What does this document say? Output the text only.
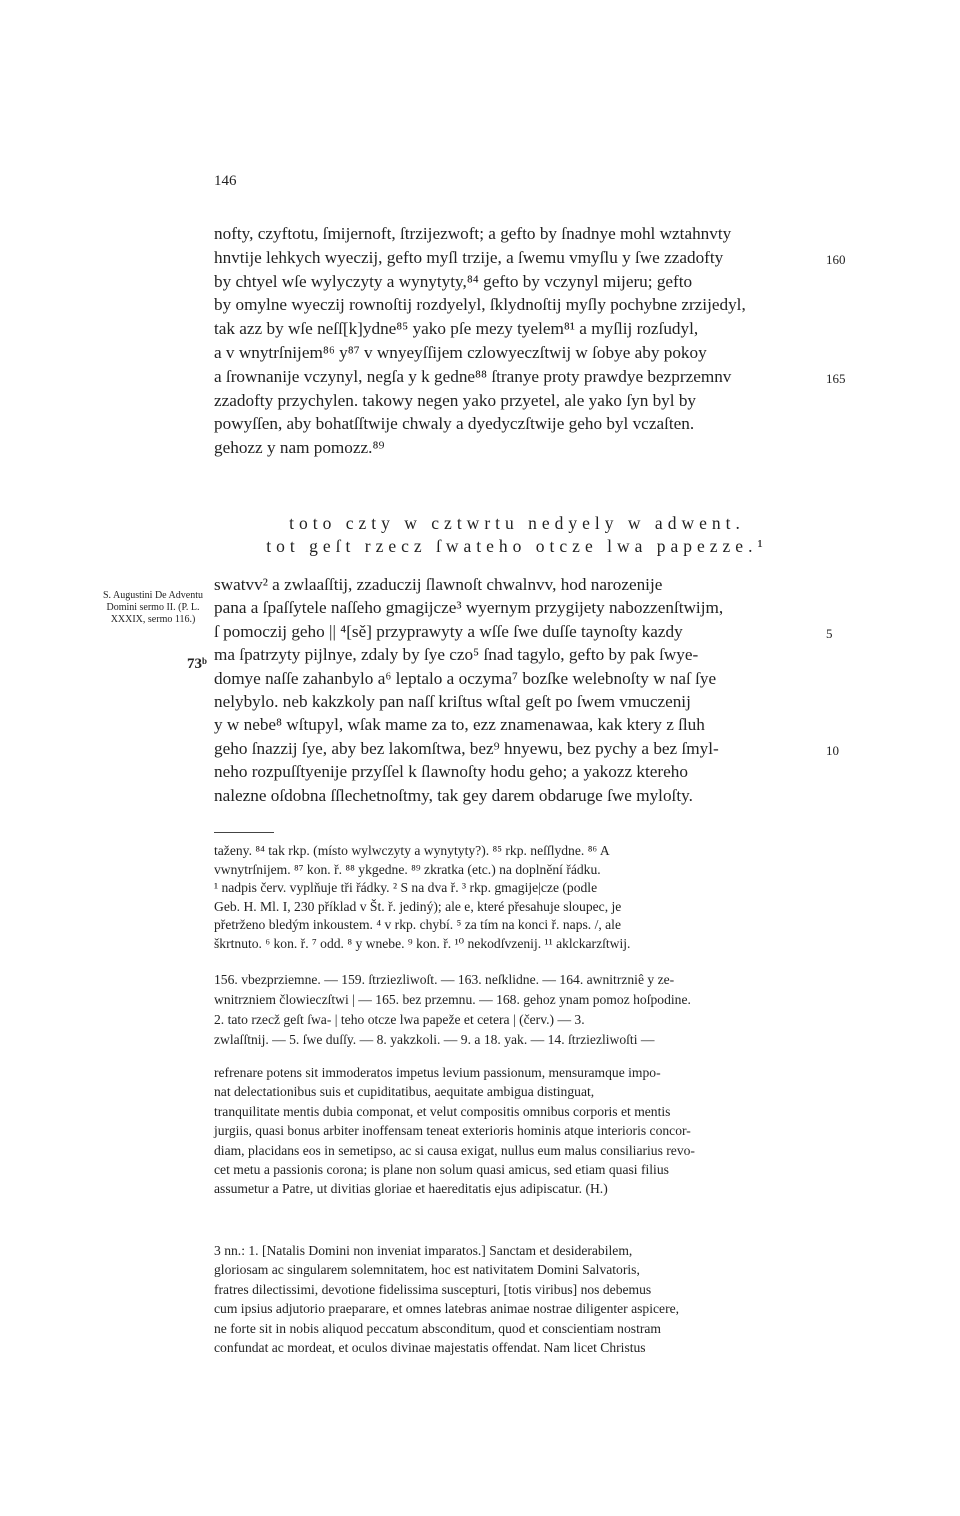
146
nofty, czyftotu, ſmijernoft, ſtrzijezwoft; a gefto by ſnadnye mohl wztahnvty
hnvtije lehkych wyeczij, gefto myſl trzije, a ſwemu vmyſlu y ſwe zzadofty	160
by chtyel wſe wylyczyty a wynytyty,⁸⁴ gefto by vczynyl mijeru; gefto
by omylne wyeczij rownoſtij rozdyelyl, ſklydnoſtij myſly pochybne zrzijedyl,
tak azz by wſe neſſ[k]ydne⁸⁵ yako pſe mezy tyelem⁸¹ a myſlij rozſudyl,
a v wnytrſnijem⁸⁶ y⁸⁷ v wnyeyſſijem czlowyeczſtwij w ſobye aby pokoy
a ſrownanije vczynyl, negſa y k gedne⁸⁸ ſtranye proty prawdye bezprzemnv	165
zzadofty przychylen. takowy negen yako przyetel, ale yako ſyn byl by
powyſſen, aby bohatſſtwije chwaly a dyedyczſtwije geho byl vczaſten.
gehozz y nam pomozz.⁸⁹
toto czty w cztwrtu nedyely w adwent.
tot geſt rzecz ſwateho otcze lwa papezze.¹
S. Augustini De Adventu Domini sermo II. (P. L. XXXIX, sermo 116.)
73ᵇ
swatvv² a zwlaaſſtij, zzaduczij ſlawnoſt chwalnvv, hod narozenije
pana a ſpaſſytele naſſeho gmagijcze³ wyernym przygijety nabozzenſtwijm,
ſ pomoczij geho || ⁴[sě] przyprawyty a wſſe ſwe duſſe taynoſty kazdy	5
ma ſpatrzyty pijlnye, zdaly by ſye czo⁵ ſnad tagylo, gefto by pak ſwye-
domye naſſe zahanbylo a⁶ leptalo a oczyma⁷ bozſke welebnoſty w naſ ſye
nelybylo. neb kakzkoly pan naſſ kriſtus wſtal geſt po ſwem vmuczenij
y w nebe⁸ wſtupyl, wſak mame za to, ezz znamenawaa, kak ktery z ſluh
geho ſnazzij ſye, aby bez lakomſtwa, bez⁹ hnyewu, bez pychy a bez ſmyl-	10
neho rozpuſſtyenije przyſſel k ſlawnoſty hodu geho; a yakozz ktereho
nalezne oſdobna ſſlechetnoſtmy, tak gey darem obdaruge ſwe myloſty.
taženy. ⁸⁴ tak rkp. (místo wylwczyty a wynytyty?). ⁸⁵ rkp. neſſlydne. ⁸⁶ A
vwnytrſnijem. ⁸⁷ kon. ř. ⁸⁸ ykgedne. ⁸⁹ zkratka (etc.) na doplnění řádku.
¹ nadpis červ. vyplňuje tři řádky. ² S na dva ř. ³ rkp. gmagije|cze (podle
Geb. H. Ml. I, 230 příklad v Št. ř. jediný); ale e, které přesahuje sloupec, je
přetrženo bledým inkoustem. ⁴ v rkp. chybí. ⁵ za tím na konci ř. naps. /, ale
škrtnuto. ⁶ kon. ř. ⁷ odd. ⁸ y wnebe. ⁹ kon. ř. ¹⁰ nekodſvzenij. ¹¹ aklckarzſtwij.
156. vbezprziemne. — 159. ſtrziezliwoſt. — 163. neſklidne. — 164. awnitrzniê y ze-
wnitrzniem člowieczſtwi | — 165. bez przemnu. — 168. gehoz ynam pomoz hoſpodine.
2. tato rzecž geſt ſwa- | teho otcze lwa papeže et cetera | (červ.) — 3.
zwlaſſtnij. — 5. ſwe duſſy. — 8. yakzkoli. — 9. a 18. yak. — 14. ſtrziezliwoſti —
refrenare potens sit immoderatos impetus levium passionum, mensuramque impo-
nat delectationibus suis et cupiditatibus, aequitate ambigua distinguat,
tranquilitate mentis dubia componat, et velut compositis omnibus corporis et mentis
jurgiis, quasi bonus arbiter inoffensam teneat exterioris hominis atque interioris concor-
diam, placidans eos in semetipso, ac si causa exigat, nullus eum malus consiliarius revo-
cet metu a passionis corona; is plane non solum quasi amicus, sed etiam quasi filius
assumetur a Patre, ut divitias gloriae et haereditatis ejus adipiscatur. (H.)
3 nn.: 1. [Natalis Domini non inveniat imparatos.] Sanctam et desiderabilem,
gloriosam ac singularem solemnitatem, hoc est nativitatem Domini Salvatoris,
fratres dilectissimi, devotione fidelissima suscepturi, [totis viribus] nos debemus
cum ipsius adjutorio praeparare, et omnes latebras animae nostrae diligenter aspicere,
ne forte sit in nobis aliquod peccatum absconditum, quod et conscientiam nostram
confundat ac mordeat, et oculos divinae majestatis offendat. Nam licet Christus
